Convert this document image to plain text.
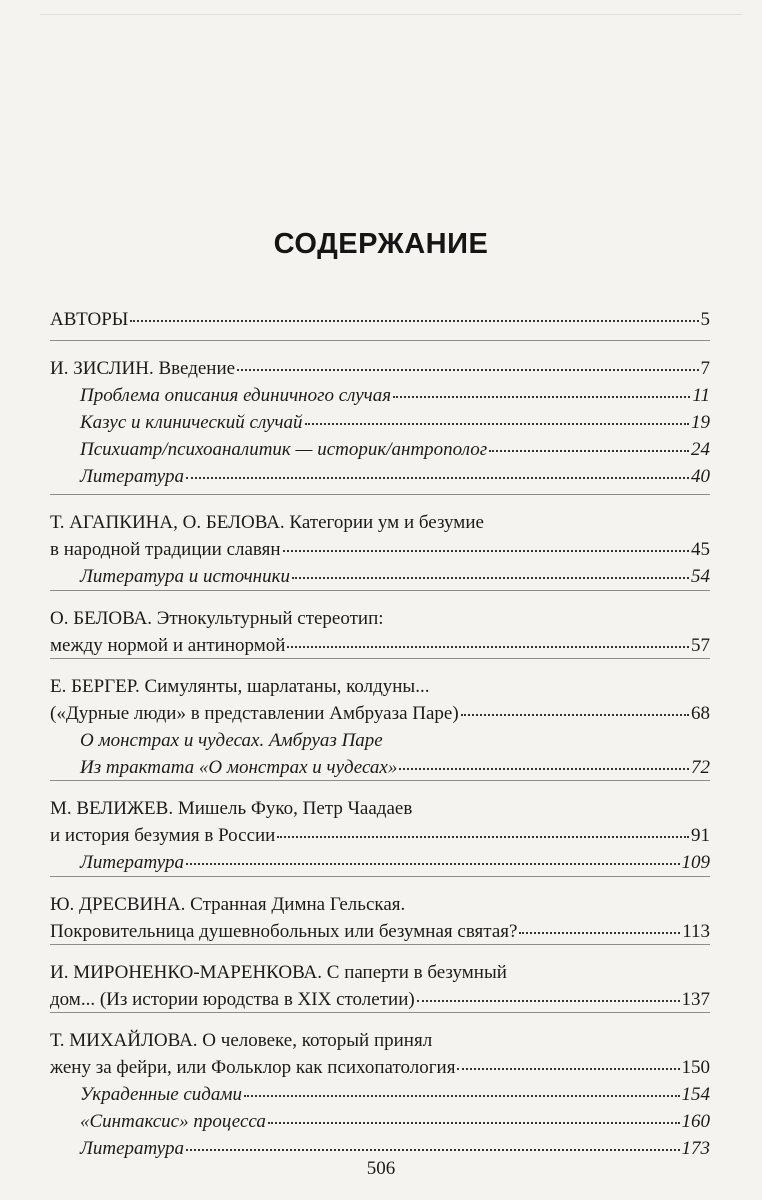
СОДЕРЖАНИЕ
АВТОРЫ	5
И. ЗИСЛИН. Введение	7
Проблема описания единичного случая	11
Казус и клинический случай	19
Психиатр/психоаналитик — историк/антрополог	24
Литература	40
Т. АГАПКИНА, О. БЕЛОВА. Категории ум и безумие
в народной традиции славян	45
Литература и источники	54
О. БЕЛОВА. Этнокультурный стереотип:
между нормой и антинормой	57
Е. БЕРГЕР. Симулянты, шарлатаны, колдуны...
(«Дурные люди» в представлении Амбруаза Паре)	68
О монстрах и чудесах. Амбруаз Паре
Из трактата «О монстрах и чудесах»	72
М. ВЕЛИЖЕВ. Мишель Фуко, Петр Чаадаев
и история безумия в России	91
Литература	109
Ю. ДРЕСВИНА. Странная Димна Гельская.
Покровительница душевнобольных или безумная святая?	113
И. МИРОНЕНКО-МАРЕНКОВА. С паперти в безумный
дом... (Из истории юродства в XIX столетии)	137
Т. МИХАЙЛОВА. О человеке, который принял
жену за фейри, или Фольклор как психопатология	150
Украденные сидами	154
«Синтаксис» процесса	160
Литература	173
506
